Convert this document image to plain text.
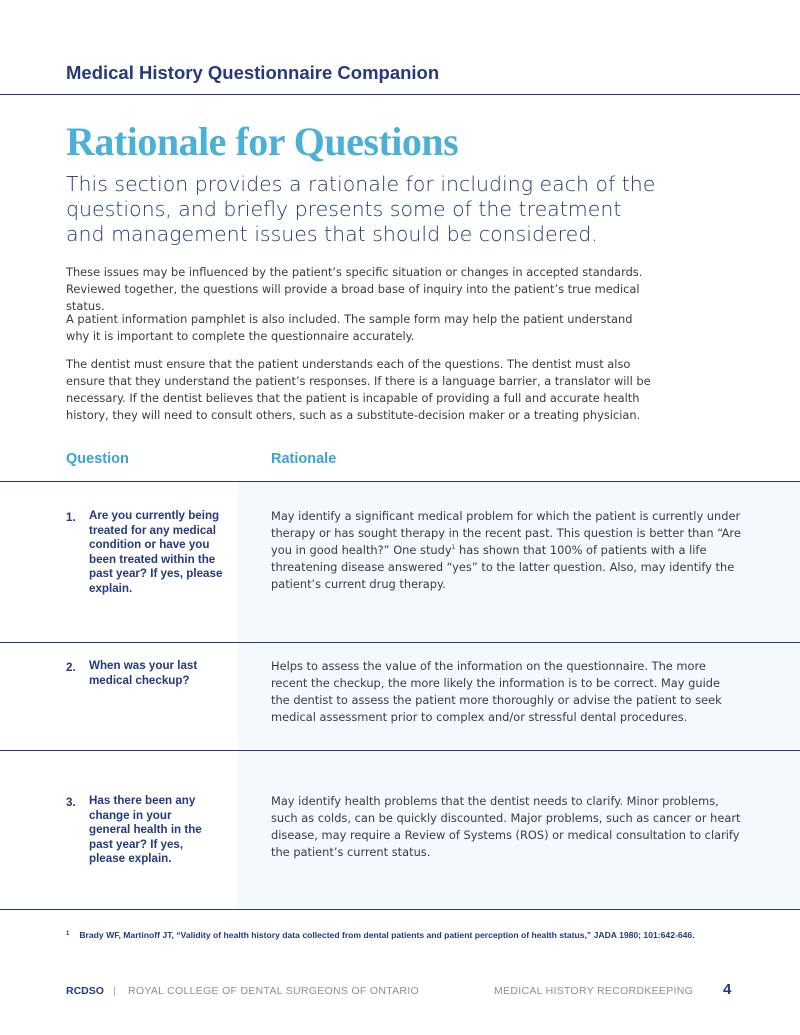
Medical History Questionnaire Companion
Rationale for Questions

This section provides a rationale for including each of the questions, and briefly presents some of the treatment and management issues that should be considered.

These issues may be influenced by the patient’s specific situation or changes in accepted standards. Reviewed together, the questions will provide a broad base of inquiry into the patient’s true medical status.

A patient information pamphlet is also included. The sample form may help the patient understand why it is important to complete the questionnaire accurately.

The dentist must ensure that the patient understands each of the questions. The dentist must also ensure that they understand the patient’s responses. If there is a language barrier, a translator will be necessary. If the dentist believes that the patient is incapable of providing a full and accurate health history, they will need to consult others, such as a substitute-decision maker or a treating physician.

Question	Rationale
1. Are you currently being treated for any medical condition or have you been treated within the past year? If yes, please explain.

May identify a significant medical problem for which the patient is currently under therapy or has sought therapy in the recent past. This question is better than “Are you in good health?” One study$^1$ has shown that 100% of patients with a life threatening disease answered “yes” to the latter question. Also, may identify the patient’s current drug therapy.

2. When was your last medical checkup?

Helps to assess the value of the information on the questionnaire. The more recent the checkup, the more likely the information is to be correct. May guide the dentist to assess the patient more thoroughly or advise the patient to seek medical assessment prior to complex and/or stressful dental procedures.

3. Has there been any change in your general health in the past year? If yes, please explain.

May identify health problems that the dentist needs to clarify. Minor problems, such as colds, can be quickly discounted. Major problems, such as cancer or heart disease, may require a Review of Systems (ROS) or medical consultation to clarify the patient’s current status.

$^1$ Brady WF, Martinoff JT, “Validity of health history data collected from dental patients and patient perception of health status,” JADA 1980; 101:642-646.

RCDSO | ROYAL COLLEGE OF DENTAL SURGEONS OF ONTARIO	MEDICAL HISTORY RECORDKEEPING 4
